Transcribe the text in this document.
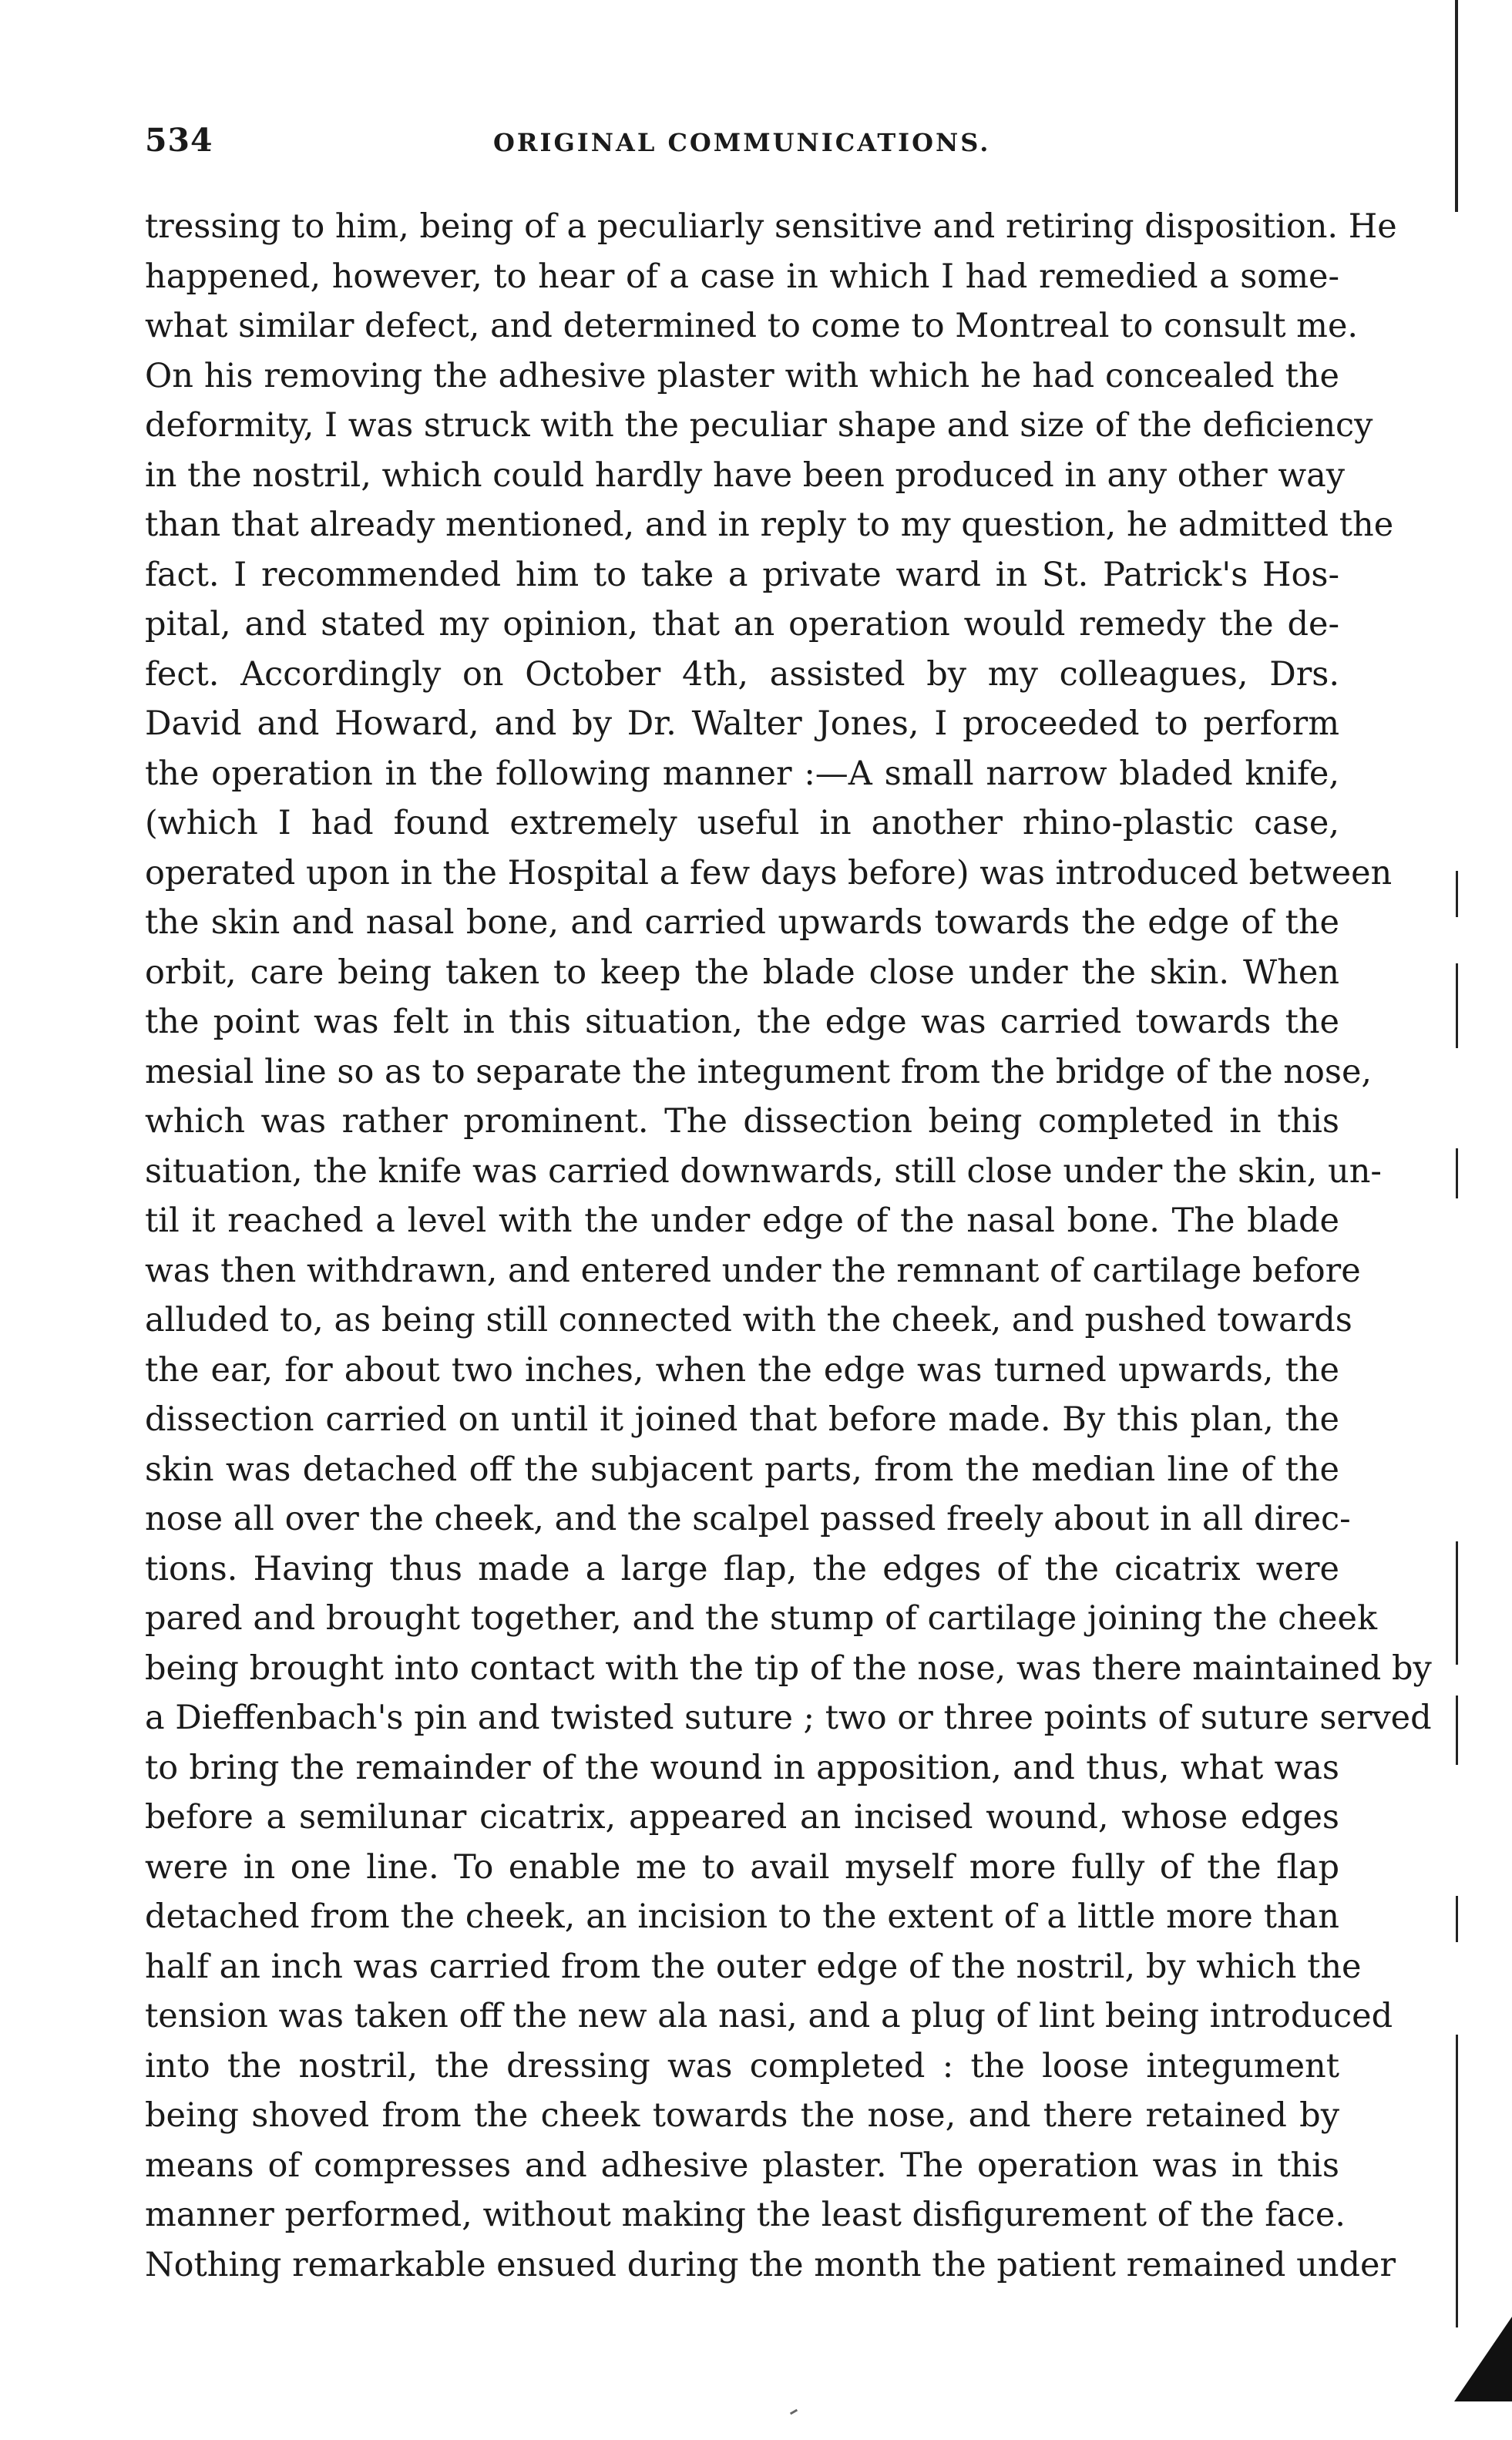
534	ORIGINAL COMMUNICATIONS.
tressing to him, being of a peculiarly sensitive and retiring disposition. He
happened, however, to hear of a case in which I had remedied a some-
what similar defect, and determined to come to Montreal to consult me.
On his removing the adhesive plaster with which he had concealed the
deformity, I was struck with the peculiar shape and size of the deficiency
in the nostril, which could hardly have been produced in any other way
than that already mentioned, and in reply to my question, he admitted the
fact. I recommended him to take a private ward in St. Patrick's Hos-
pital, and stated my opinion, that an operation would remedy the de-
fect. Accordingly on October 4th, assisted by my colleagues, Drs.
David and Howard, and by Dr. Walter Jones, I proceeded to perform
the operation in the following manner :—A small narrow bladed knife,
(which I had found extremely useful in another rhino-plastic case,
operated upon in the Hospital a few days before) was introduced between
the skin and nasal bone, and carried upwards towards the edge of the
orbit, care being taken to keep the blade close under the skin. When
the point was felt in this situation, the edge was carried towards the
mesial line so as to separate the integument from the bridge of the nose,
which was rather prominent. The dissection being completed in this
situation, the knife was carried downwards, still close under the skin, un-
til it reached a level with the under edge of the nasal bone. The blade
was then withdrawn, and entered under the remnant of cartilage before
alluded to, as being still connected with the cheek, and pushed towards
the ear, for about two inches, when the edge was turned upwards, the
dissection carried on until it joined that before made. By this plan, the
skin was detached off the subjacent parts, from the median line of the
nose all over the cheek, and the scalpel passed freely about in all direc-
tions. Having thus made a large flap, the edges of the cicatrix were
pared and brought together, and the stump of cartilage joining the cheek
being brought into contact with the tip of the nose, was there maintained by
a Dieffenbach's pin and twisted suture ; two or three points of suture served
to bring the remainder of the wound in apposition, and thus, what was
before a semilunar cicatrix, appeared an incised wound, whose edges
were in one line. To enable me to avail myself more fully of the flap
detached from the cheek, an incision to the extent of a little more than
half an inch was carried from the outer edge of the nostril, by which the
tension was taken off the new ala nasi, and a plug of lint being introduced
into the nostril, the dressing was completed : the loose integument
being shoved from the cheek towards the nose, and there retained by
means of compresses and adhesive plaster. The operation was in this
manner performed, without making the least disfigurement of the face.
Nothing remarkable ensued during the month the patient remained under
